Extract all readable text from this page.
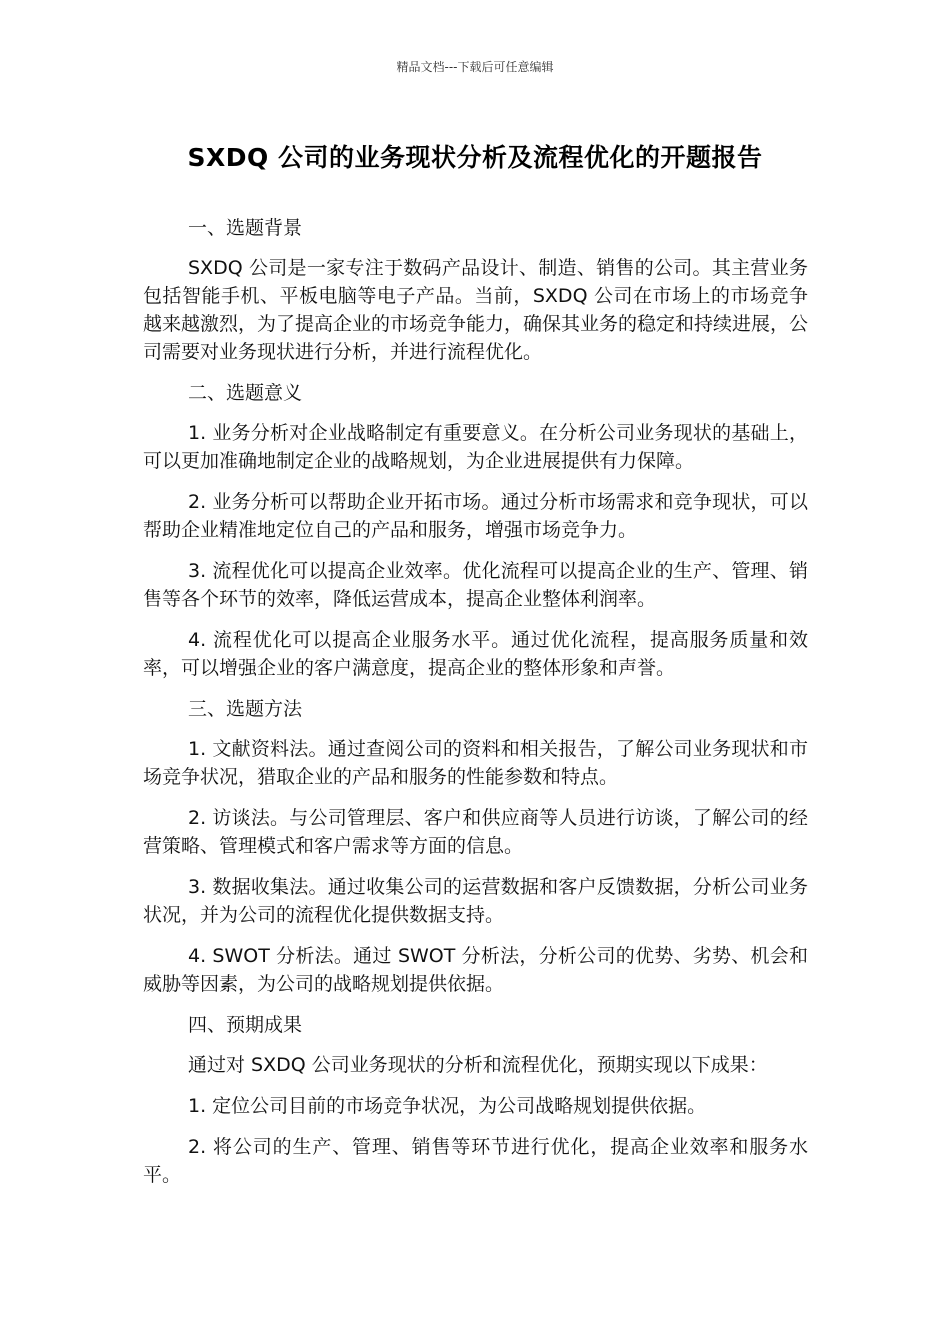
精品文档---下载后可任意编辑
SXDQ 公司的业务现状分析及流程优化的开题报告

一、选题背景

SXDQ 公司是一家专注于数码产品设计、制造、销售的公司。其主营业务包括智能手机、平板电脑等电子产品。当前，SXDQ 公司在市场上的市场竞争越来越激烈，为了提高企业的市场竞争能力，确保其业务的稳定和持续进展，公司需要对业务现状进行分析，并进行流程优化。

二、选题意义

1. 业务分析对企业战略制定有重要意义。在分析公司业务现状的基础上，可以更加准确地制定企业的战略规划，为企业进展提供有力保障。

2. 业务分析可以帮助企业开拓市场。通过分析市场需求和竞争现状，可以帮助企业精准地定位自己的产品和服务，增强市场竞争力。

3. 流程优化可以提高企业效率。优化流程可以提高企业的生产、管理、销售等各个环节的效率，降低运营成本，提高企业整体利润率。

4. 流程优化可以提高企业服务水平。通过优化流程，提高服务质量和效率，可以增强企业的客户满意度，提高企业的整体形象和声誉。

三、选题方法

1. 文献资料法。通过查阅公司的资料和相关报告，了解公司业务现状和市场竞争状况，猎取企业的产品和服务的性能参数和特点。

2. 访谈法。与公司管理层、客户和供应商等人员进行访谈，了解公司的经营策略、管理模式和客户需求等方面的信息。

3. 数据收集法。通过收集公司的运营数据和客户反馈数据，分析公司业务状况，并为公司的流程优化提供数据支持。

4. SWOT 分析法。通过 SWOT 分析法，分析公司的优势、劣势、机会和威胁等因素，为公司的战略规划提供依据。

四、预期成果

通过对 SXDQ 公司业务现状的分析和流程优化，预期实现以下成果：

1. 定位公司目前的市场竞争状况，为公司战略规划提供依据。

2. 将公司的生产、管理、销售等环节进行优化，提高企业效率和服务水平。
